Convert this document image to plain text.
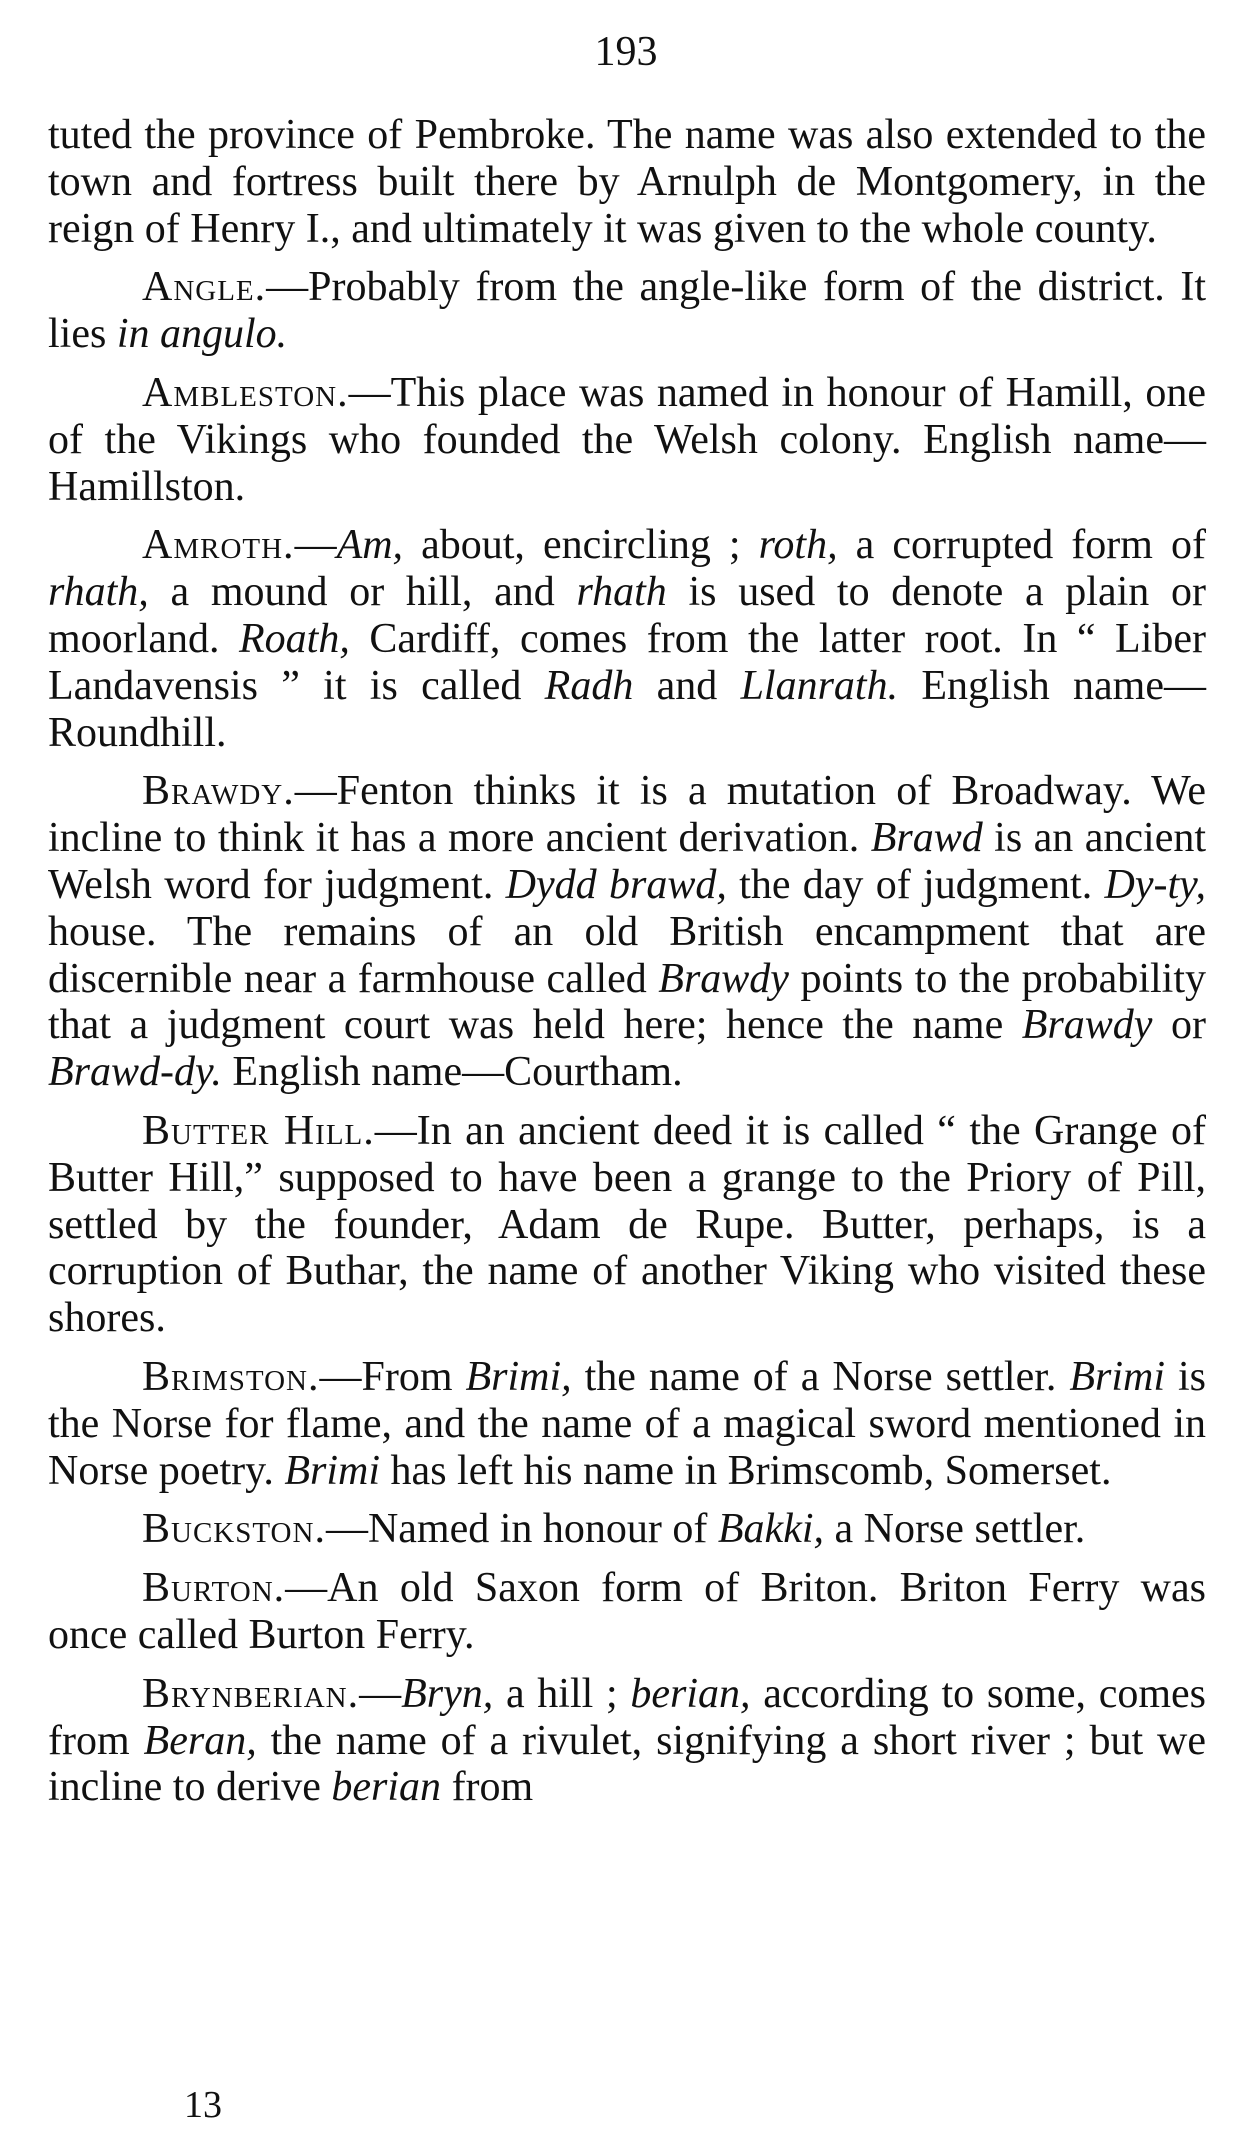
193

tuted the province of Pembroke. The name was also extended to the town and fortress built there by Arnulph de Montgomery, in the reign of Henry I., and ultimately it was given to the whole county.

Angle.—Probably from the angle-like form of the district. It lies in angulo.

Ambleston.—This place was named in honour of Hamill, one of the Vikings who founded the Welsh colony. English name—Hamillston.

Amroth.—Am, about, encircling ; roth, a corrupted form of rhath, a mound or hill, and rhath is used to denote a plain or moorland. Roath, Cardiff, comes from the latter root. In “ Liber Landavensis ” it is called Radh and Llanrath. English name—Roundhill.

Brawdy.—Fenton thinks it is a mutation of Broadway. We incline to think it has a more ancient derivation. Brawd is an ancient Welsh word for judgment. Dydd brawd, the day of judgment. Dy-ty, house. The remains of an old British encampment that are discernible near a farmhouse called Brawdy points to the probability that a judgment court was held here; hence the name Brawdy or Brawd-dy. English name—Courtham.

Butter Hill.—In an ancient deed it is called “ the Grange of Butter Hill,” supposed to have been a grange to the Priory of Pill, settled by the founder, Adam de Rupe. Butter, perhaps, is a corruption of Buthar, the name of another Viking who visited these shores.

Brimston.—From Brimi, the name of a Norse settler. Brimi is the Norse for flame, and the name of a magical sword mentioned in Norse poetry. Brimi has left his name in Brimscomb, Somerset.

Buckston.—Named in honour of Bakki, a Norse settler.

Burton.—An old Saxon form of Briton. Briton Ferry was once called Burton Ferry.

Brynberian.—Bryn, a hill ; berian, according to some, comes from Beran, the name of a rivulet, signifying a short river ; but we incline to derive berian from

13
